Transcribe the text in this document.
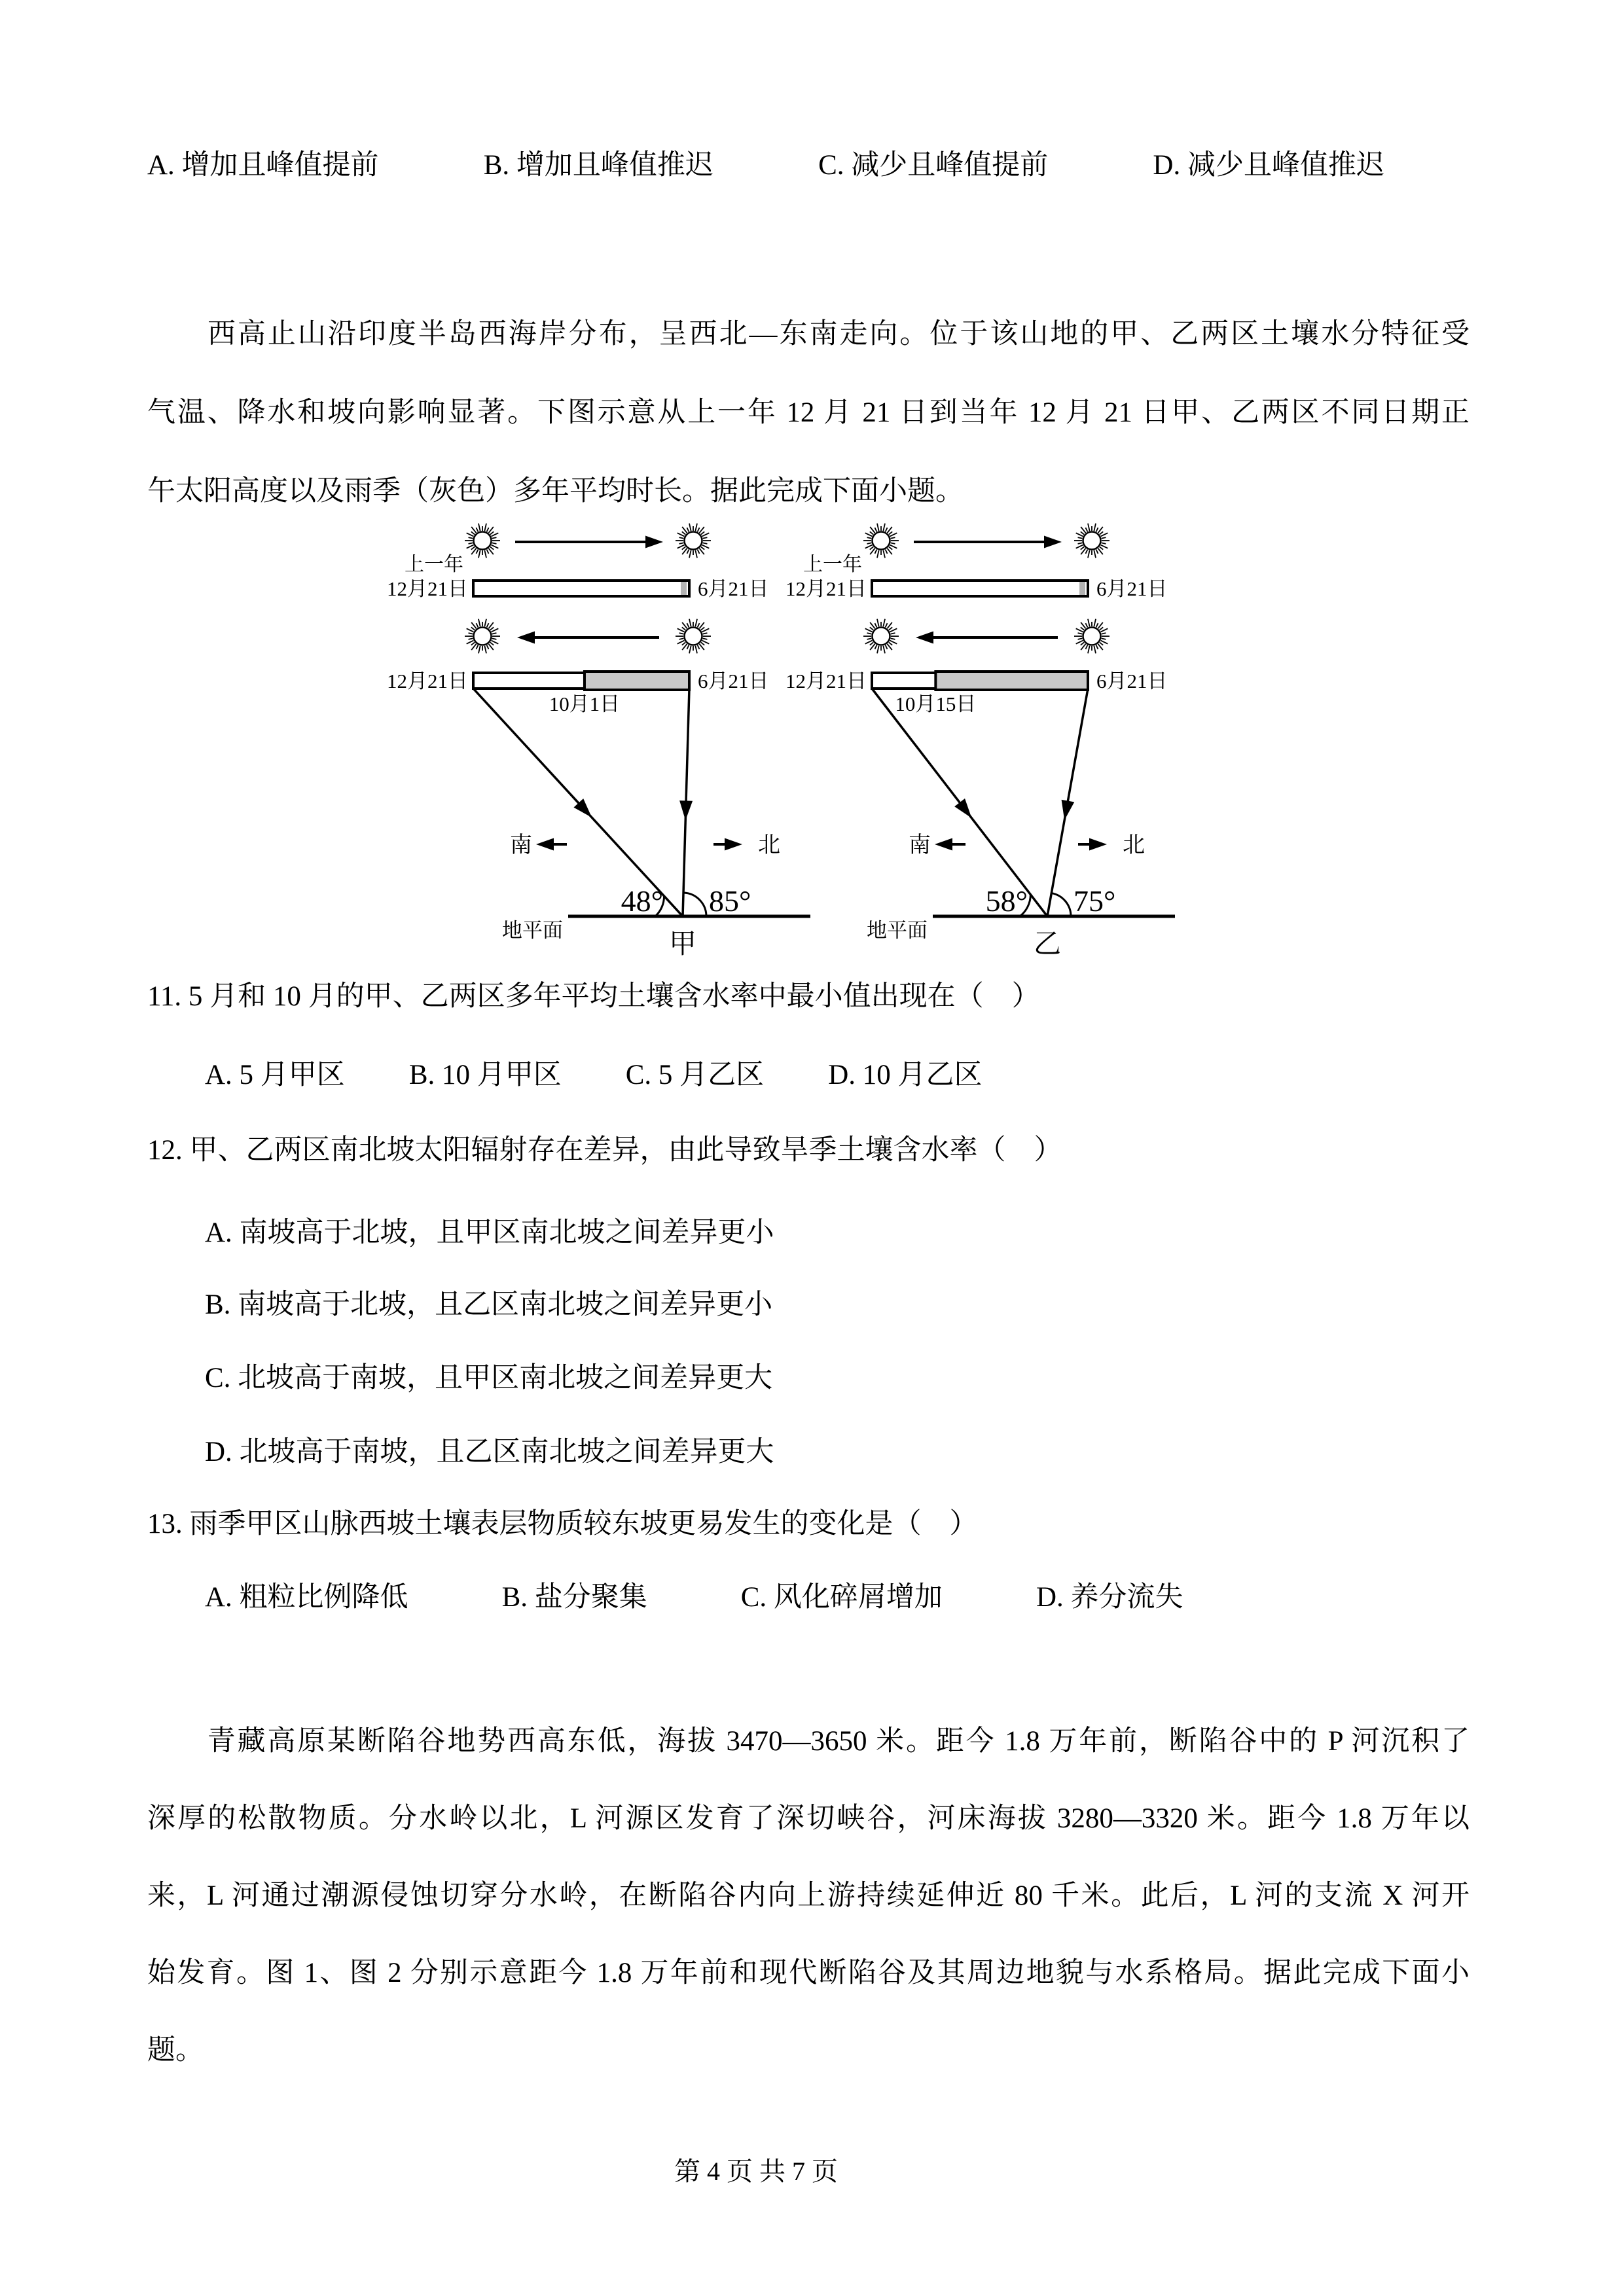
A. 增加且峰值提前	B. 增加且峰值推迟	C. 减少且峰值提前	D. 减少且峰值推迟
　　西高止山沿印度半岛西海岸分布，呈西北—东南走向。位于该山地的甲、乙两区土壤水分特征受
气温、降水和坡向影响显著。下图示意从上一年 12 月 21 日到当年 12 月 21 日甲、乙两区不同日期正
午太阳高度以及雨季（灰色）多年平均时长。据此完成下面小题。
上一年
12月21日	6月21日
12月21日	6月21日
10月1日
地平面
48° 85°
南	北
甲
上一年
12月21日	6月21日
12月21日	6月21日
10月15日
地平面
58° 75°
南	北
乙
11. 5 月和 10 月的甲、乙两区多年平均土壤含水率中最小值出现在（　）
A. 5 月甲区 B. 10 月甲区 C. 5 月乙区 D. 10 月乙区
12. 甲、乙两区南北坡太阳辐射存在差异，由此导致旱季土壤含水率（　）
A. 南坡高于北坡，且甲区南北坡之间差异更小
B. 南坡高于北坡，且乙区南北坡之间差异更小
C. 北坡高于南坡，且甲区南北坡之间差异更大
D. 北坡高于南坡，且乙区南北坡之间差异更大
13. 雨季甲区山脉西坡土壤表层物质较东坡更易发生的变化是（　）
A. 粗粒比例降低	B. 盐分聚集	C. 风化碎屑增加	D. 养分流失
　　青藏高原某断陷谷地势西高东低，海拔 3470—3650 米。距今 1.8 万年前，断陷谷中的 P 河沉积了
深厚的松散物质。分水岭以北，L 河源区发育了深切峡谷，河床海拔 3280—3320 米。距今 1.8 万年以
来，L 河通过潮源侵蚀切穿分水岭，在断陷谷内向上游持续延伸近 80 千米。此后，L 河的支流 X 河开
始发育。图 1、图 2 分别示意距今 1.8 万年前和现代断陷谷及其周边地貌与水系格局。据此完成下面小
题。
第 4 页 共 7 页
